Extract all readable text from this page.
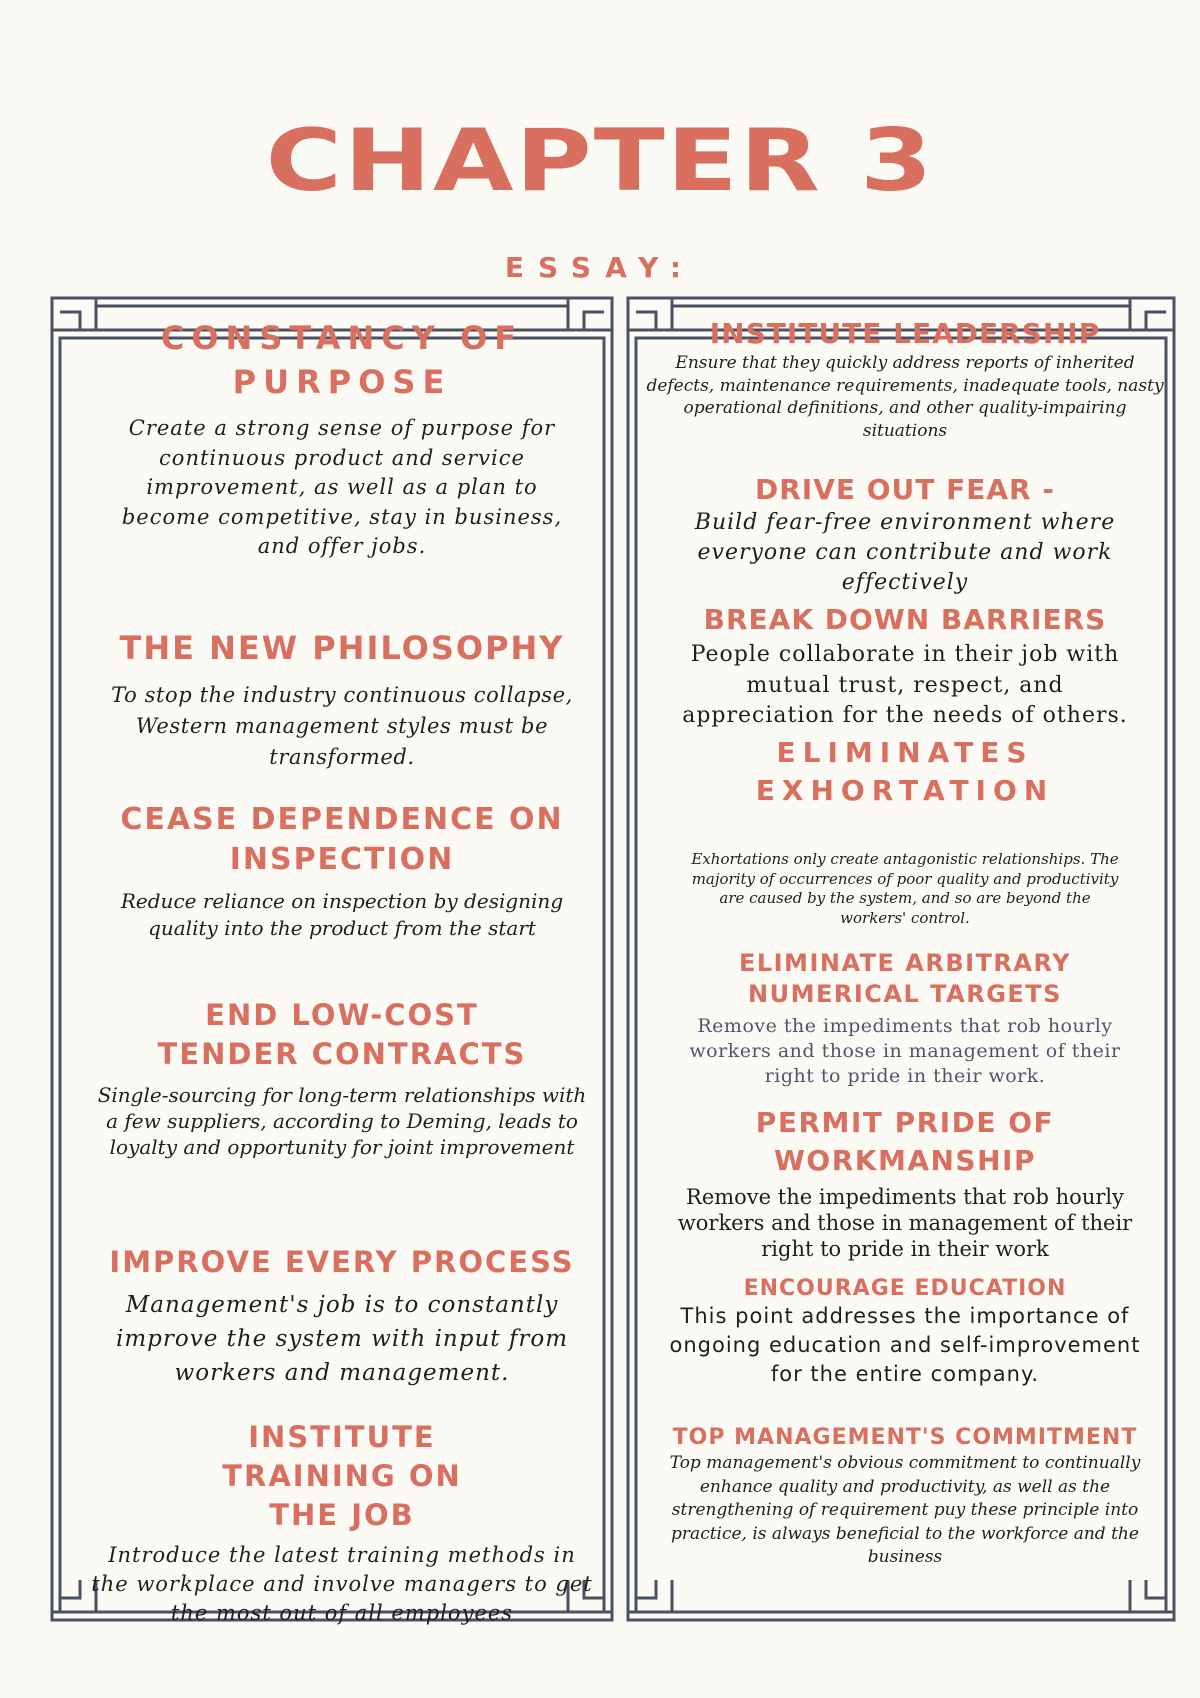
CHAPTER 3
ESSAY:
CONSTANCY OF PURPOSE
Create a strong sense of purpose for continuous product and service improvement, as well as a plan to become competitive, stay in business, and offer jobs.
THE NEW PHILOSOPHY
To stop the industry continuous collapse, Western management styles must be transformed.
CEASE DEPENDENCE ON INSPECTION
Reduce reliance on inspection by designing quality into the product from the start
END LOW-COST TENDER CONTRACTS
Single-sourcing for long-term relationships with a few suppliers, according to Deming, leads to loyalty and opportunity for joint improvement
IMPROVE EVERY PROCESS
Management's job is to constantly improve the system with input from workers and management.
INSTITUTE TRAINING ON THE JOB
Introduce the latest training methods in the workplace and involve managers to get the most out of all employees
INSTITUTE LEADERSHIP
Ensure that they quickly address reports of inherited defects, maintenance requirements, inadequate tools, nasty operational definitions, and other quality-impairing situations
DRIVE OUT FEAR -
Build fear-free environment where everyone can contribute and work effectively
BREAK DOWN BARRIERS
People collaborate in their job with mutual trust, respect, and appreciation for the needs of others.
ELIMINATES EXHORTATION
Exhortations only create antagonistic relationships. The majority of occurrences of poor quality and productivity are caused by the system, and so are beyond the workers' control.
ELIMINATE ARBITRARY NUMERICAL TARGETS
Remove the impediments that rob hourly workers and those in management of their right to pride in their work.
PERMIT PRIDE OF WORKMANSHIP
Remove the impediments that rob hourly workers and those in management of their right to pride in their work
ENCOURAGE EDUCATION
This point addresses the importance of ongoing education and self-improvement for the entire company.
TOP MANAGEMENT'S COMMITMENT
Top management's obvious commitment to continually enhance quality and productivity, as well as the strengthening of requirement puy these principle into practice, is always beneficial to the workforce and the business
